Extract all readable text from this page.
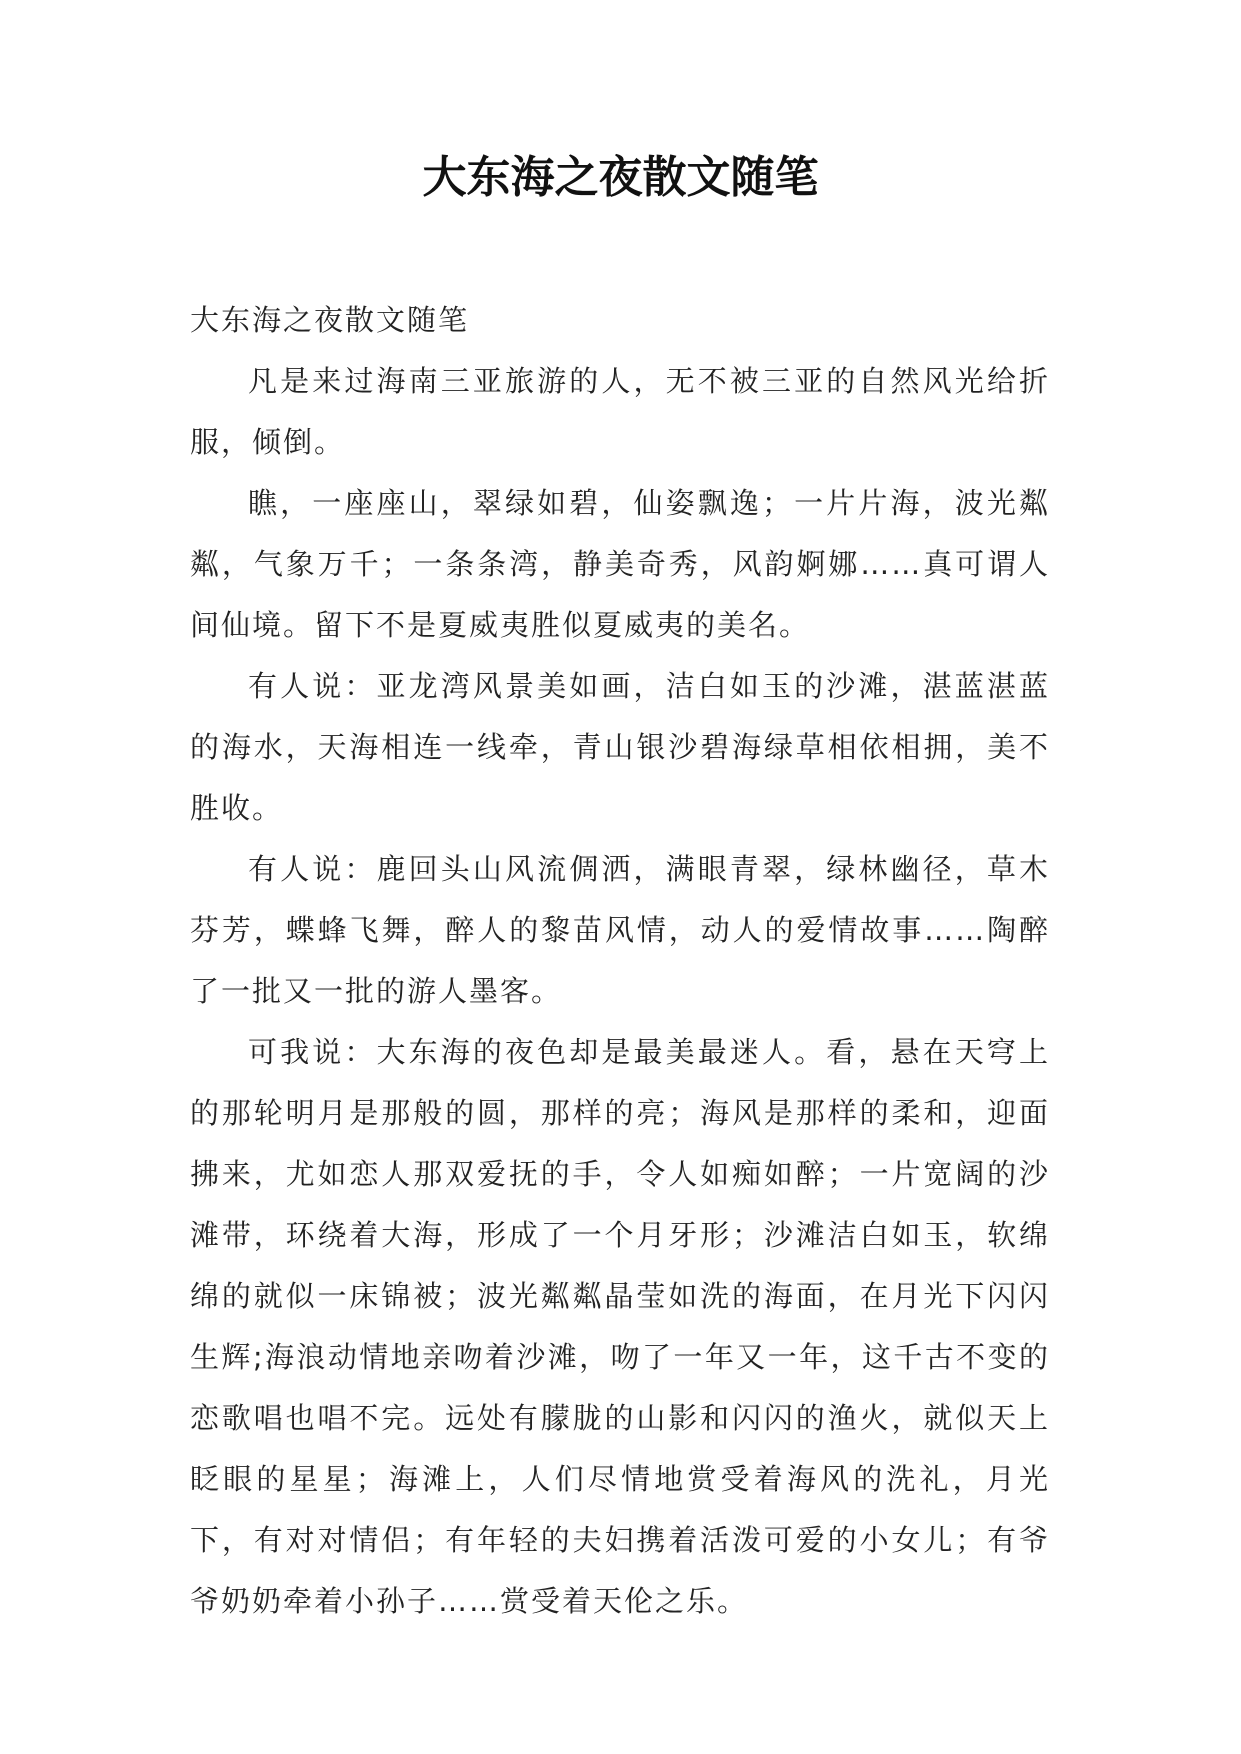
大东海之夜散文随笔

大东海之夜散文随笔

凡是来过海南三亚旅游的人，无不被三亚的自然风光给折服，倾倒。

瞧，一座座山，翠绿如碧，仙姿飘逸；一片片海，波光粼粼，气象万千；一条条湾，静美奇秀，风韵婀娜……真可谓人间仙境。留下不是夏威夷胜似夏威夷的美名。

有人说：亚龙湾风景美如画，洁白如玉的沙滩，湛蓝湛蓝的海水，天海相连一线牵，青山银沙碧海绿草相依相拥，美不胜收。

有人说：鹿回头山风流倜洒，满眼青翠，绿林幽径，草木芬芳，蝶蜂飞舞，醉人的黎苗风情，动人的爱情故事……陶醉了一批又一批的游人墨客。

可我说：大东海的夜色却是最美最迷人。看，悬在天穹上的那轮明月是那般的圆，那样的亮；海风是那样的柔和，迎面拂来，尤如恋人那双爱抚的手，令人如痴如醉；一片宽阔的沙滩带，环绕着大海，形成了一个月牙形；沙滩洁白如玉，软绵绵的就似一床锦被；波光粼粼晶莹如洗的海面，在月光下闪闪生辉;海浪动情地亲吻着沙滩，吻了一年又一年，这千古不变的恋歌唱也唱不完。远处有朦胧的山影和闪闪的渔火，就似天上眨眼的星星；海滩上，人们尽情地赏受着海风的洗礼，月光下，有对对情侣；有年轻的夫妇携着活泼可爱的小女儿；有爷爷奶奶牵着小孙子……赏受着天伦之乐。
